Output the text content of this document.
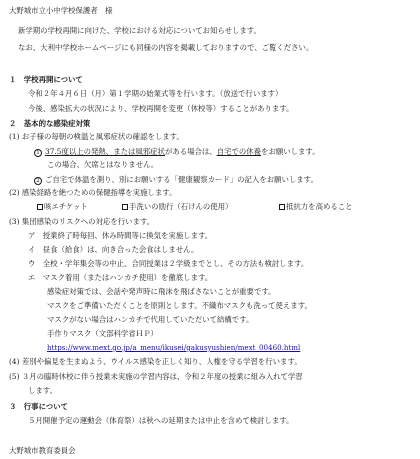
大野城市立小中学校保護者　様
新学期の学校再開に向けた、学校における対応についてお知らせします。
なお、大利中学校ホームページにも同様の内容を掲載しておりますので、ご覧ください。
１　学校再開について
令和２年４月６日（月）第１学期の始業式等を行います。（放送で行います）
今後、感染拡大の状況により、学校再開を変更（休校等）することがあります。
２　基本的な感染症対策
(1) お子様の毎朝の検温と風邪症状の確認をします。
1 37.5度以上の発熱、または風邪症状がある場合は、自宅での休養をお願いします。
この場合、欠席とはなりません。
2 ご自宅で体温を測り、別にお願いする「健康観察カード」の記入をお願いします。
(2) 感染経路を絶つための保健指導を実施します。
咳エチケット	手洗いの励行（石けんの使用）	抵抗力を高めること
(3) 集団感染のリスクへの対応を行います。
ア　授業終了時毎回、休み時間等に換気を実施します。
イ　昼食（給食）は、向き合った会食はしません。
ウ　全校・学年集会等の中止、合同授業は２学級までとし、その方法も検討します。
エ　マスク着用（またはハンカチ使用）を徹底します。
感染症対策では、会話や発声時に飛沫を飛ばさないことが重要です。
マスクをご準備いただくことを原則とします。不織布マスクも洗って使えます。
マスクがない場合はハンカチで代用していただいて結構です。
手作りマスク（文部科学省ＨＰ）
https://www.mext.go.jp/a_menu/ikusei/gakusyushien/mext_00460.html
(4) 差別や偏見を生まぬよう、ウイルス感染を正しく知り、人権を守る学習を行います。
(5) ３月の臨時休校に伴う授業未実施の学習内容は、令和２年度の授業に組み入れて学習
します。
３　行事について
５月開催予定の運動会（体育祭）は秋への延期または中止を含めて検討します。
大野城市教育委員会
